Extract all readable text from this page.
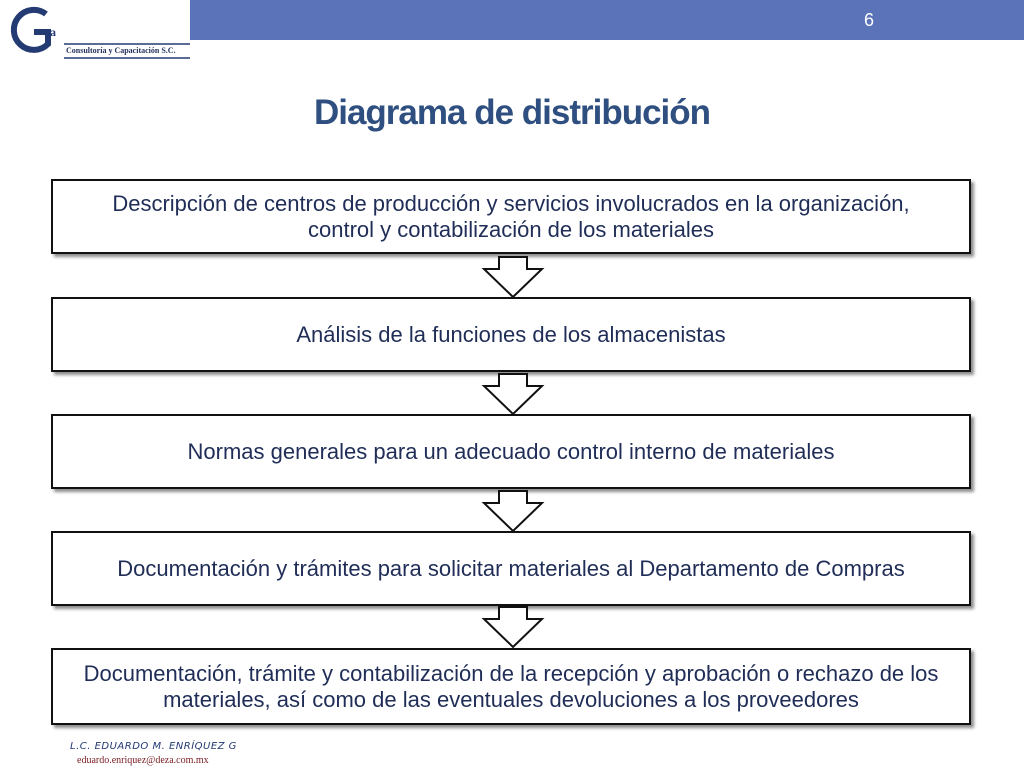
6
va
Consultoría y Capacitación S.C.
Diagrama de distribución
Descripción de centros de producción y servicios involucrados en la organización, control y contabilización de los materiales
Análisis de la funciones de los almacenistas
Normas generales para un adecuado control interno de materiales
Documentación y trámites para solicitar materiales al Departamento de Compras
Documentación, trámite y contabilización de la recepción y aprobación o rechazo de los materiales, así como de las eventuales devoluciones a los proveedores
L.C. EDUARDO M. ENRÍQUEZ G
eduardo.enriquez@deza.com.mx
